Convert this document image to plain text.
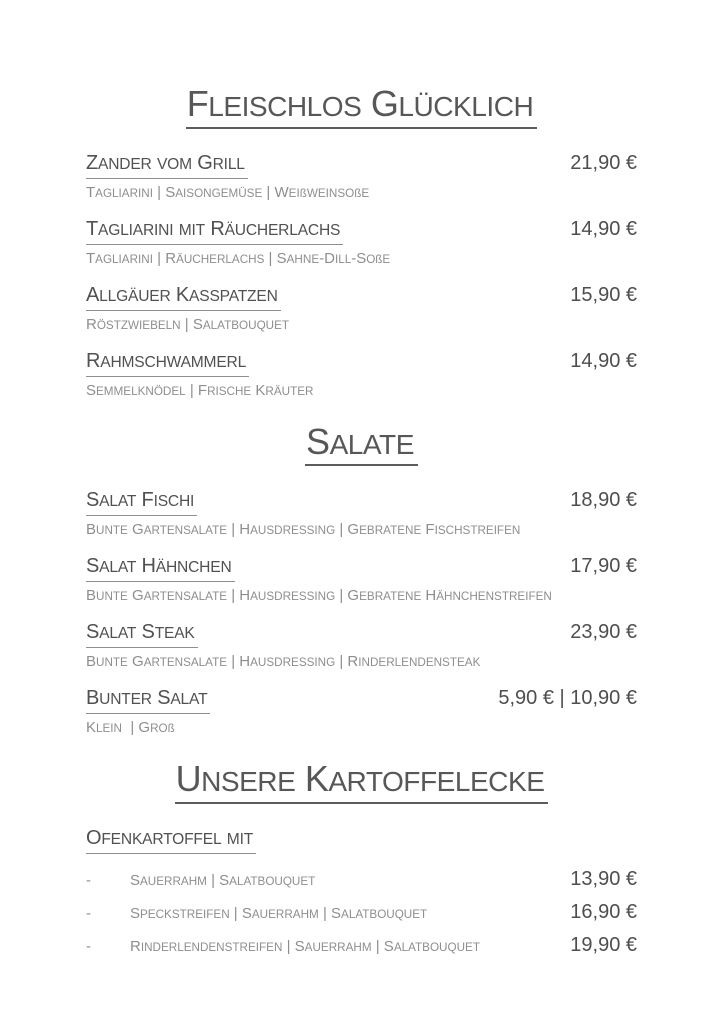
FLEISCHLOS GLÜCKLICH
ZANDER VOM GRILL	21,90 €
TAGLIARINI | SAISONGEMÜSE | WEIßWEINSOßE
TAGLIARINI MIT RÄUCHERLACHS	14,90 €
TAGLIARINI | RÄUCHERLACHS | SAHNE-DILL-SOßE
ALLGÄUER KASSPATZEN	15,90 €
RÖSTZWIEBELN | SALATBOUQUET
RAHMSCHWAMMERL	14,90 €
SEMMELKNÖDEL | FRISCHE KRÄUTER
SALATE
SALAT FISCHI	18,90 €
BUNTE GARTENSALATE | HAUSDRESSING | GEBRATENE FISCHSTREIFEN
SALAT HÄHNCHEN	17,90 €
BUNTE GARTENSALATE | HAUSDRESSING | GEBRATENE HÄHNCHENSTREIFEN
SALAT STEAK	23,90 €
BUNTE GARTENSALATE | HAUSDRESSING | RINDERLENDENSTEAK
BUNTER SALAT	5,90 € | 10,90 €
KLEIN  | GROß
UNSERE KARTOFFELECKE
OFENKARTOFFEL MIT
-	SAUERRAHM | SALATBOUQUET	13,90 €
-	SPECKSTREIFEN | SAUERRAHM | SALATBOUQUET	16,90 €
-	RINDERLENDENSTREIFEN | SAUERRAHM | SALATBOUQUET	19,90 €
